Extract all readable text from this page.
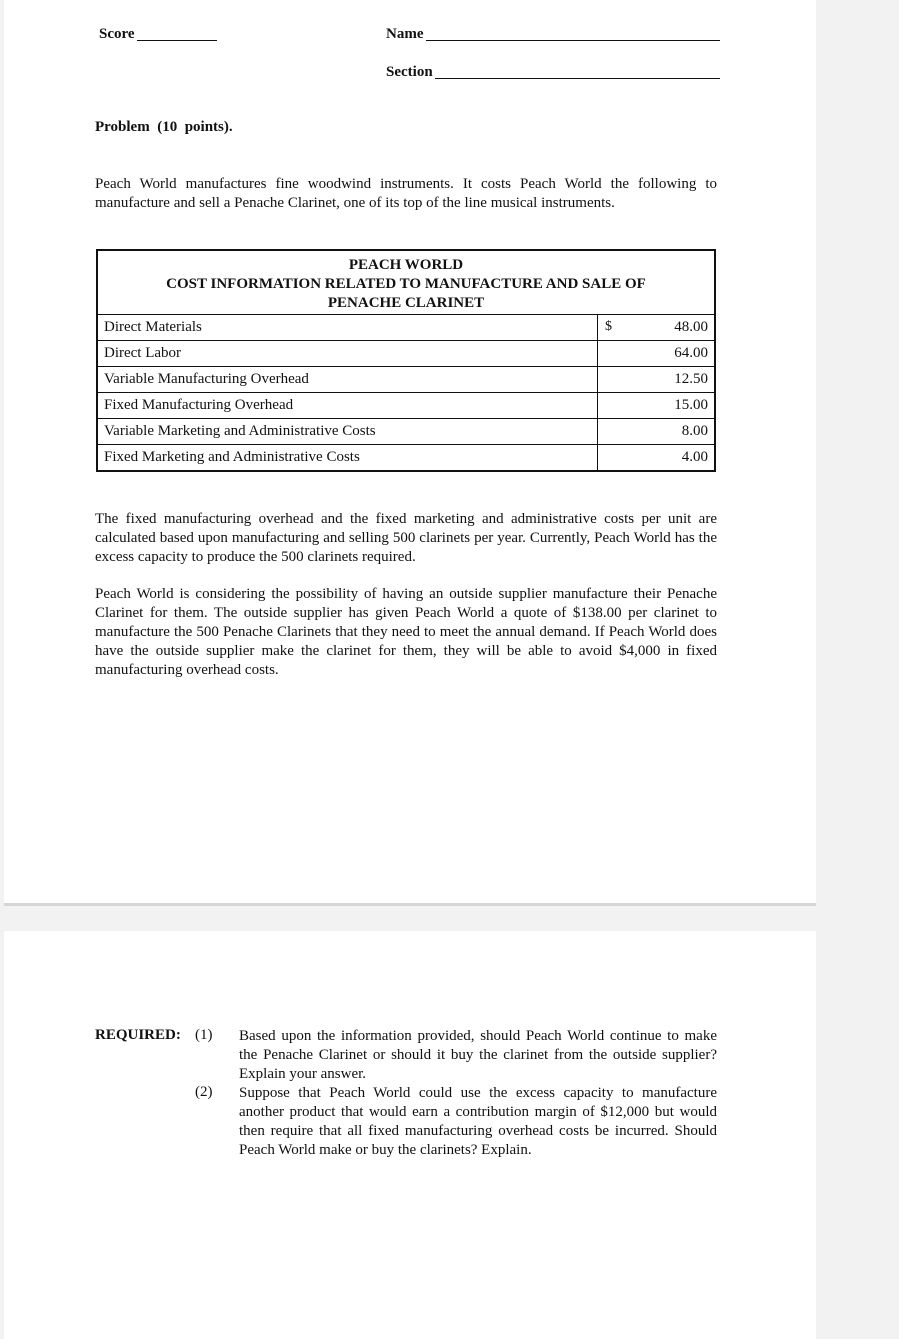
Score	Name
Section
Problem  (10  points).

Peach World manufactures fine woodwind instruments. It costs Peach World the following to manufacture and sell a Penache Clarinet, one of its top of the line musical instruments.

PEACH WORLD
COST INFORMATION RELATED TO MANUFACTURE AND SALE OF PENACHE CLARINET	

Direct Materials	$ 48.00

Direct Labor	64.00

Variable Manufacturing Overhead	12.50

Fixed Manufacturing Overhead	15.00

Variable Marketing and Administrative Costs	8.00

Fixed Marketing and Administrative Costs	4.00

The fixed manufacturing overhead and the fixed marketing and administrative costs per unit are calculated based upon manufacturing and selling 500 clarinets per year. Currently, Peach World has the excess capacity to produce the 500 clarinets required.

Peach World is considering the possibility of having an outside supplier manufacture their Penache Clarinet for them. The outside supplier has given Peach World a quote of $138.00 per clarinet to manufacture the 500 Penache Clarinets that they need to meet the annual demand. If Peach World does have the outside supplier make the clarinet for them, they will be able to avoid $4,000 in fixed manufacturing overhead costs.

REQUIRED: (1) Based upon the information provided, should Peach World continue to make the Penache Clarinet or should it buy the clarinet from the outside supplier? Explain your answer.

(2) Suppose that Peach World could use the excess capacity to manufacture another product that would earn a contribution margin of $12,000 but would then require that all fixed manufacturing overhead costs be incurred. Should Peach World make or buy the clarinets? Explain.
